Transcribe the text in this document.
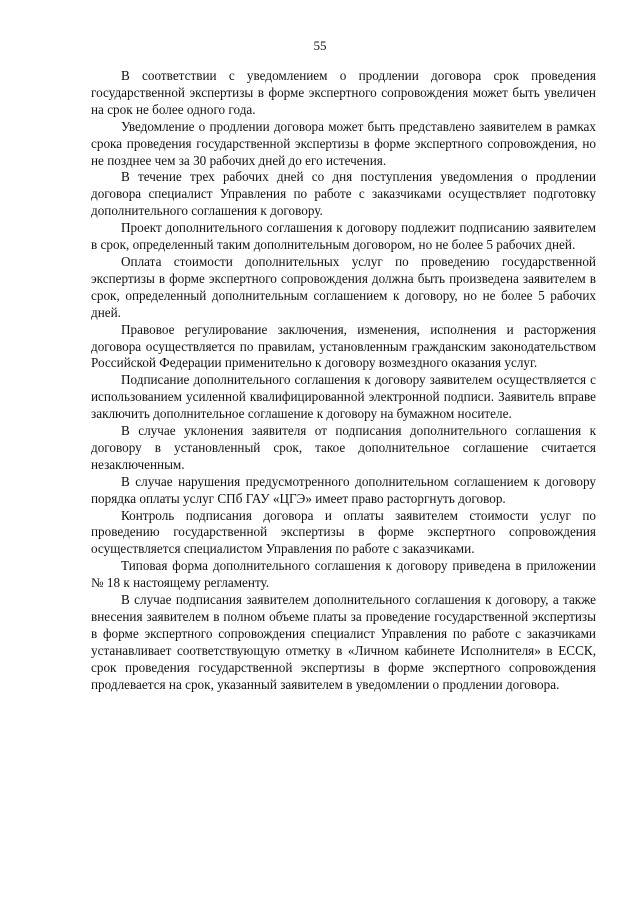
55

В соответствии с уведомлением о продлении договора срок проведения государственной экспертизы в форме экспертного сопровождения может быть увеличен на срок не более одного года.

Уведомление о продлении договора может быть представлено заявителем в рамках срока проведения государственной экспертизы в форме экспертного сопровождения, но не позднее чем за 30 рабочих дней до его истечения.

В течение трех рабочих дней со дня поступления уведомления о продлении договора специалист Управления по работе с заказчиками осуществляет подготовку дополнительного соглашения к договору.

Проект дополнительного соглашения к договору подлежит подписанию заявителем в срок, определенный таким дополнительным договором, но не более 5 рабочих дней.

Оплата стоимости дополнительных услуг по проведению государственной экспертизы в форме экспертного сопровождения должна быть произведена заявителем в срок, определенный дополнительным соглашением к договору, но не более 5 рабочих дней.

Правовое регулирование заключения, изменения, исполнения и расторжения договора осуществляется по правилам, установленным гражданским законодательством Российской Федерации применительно к договору возмездного оказания услуг.

Подписание дополнительного соглашения к договору заявителем осуществляется с использованием усиленной квалифицированной электронной подписи. Заявитель вправе заключить дополнительное соглашение к договору на бумажном носителе.

В случае уклонения заявителя от подписания дополнительного соглашения к договору в установленный срок, такое дополнительное соглашение считается незаключенным.

В случае нарушения предусмотренного дополнительном соглашением к договору порядка оплаты услуг СПб ГАУ «ЦГЭ» имеет право расторгнуть договор.

Контроль подписания договора и оплаты заявителем стоимости услуг по проведению государственной экспертизы в форме экспертного сопровождения осуществляется специалистом Управления по работе с заказчиками.

Типовая форма дополнительного соглашения к договору приведена в приложении № 18 к настоящему регламенту.

В случае подписания заявителем дополнительного соглашения к договору, а также внесения заявителем в полном объеме платы за проведение государственной экспертизы в форме экспертного сопровождения специалист Управления по работе с заказчиками устанавливает соответствующую отметку в «Личном кабинете Исполнителя» в ЕССК, срок проведения государственной экспертизы в форме экспертного сопровождения продлевается на срок, указанный заявителем в уведомлении о продлении договора.
